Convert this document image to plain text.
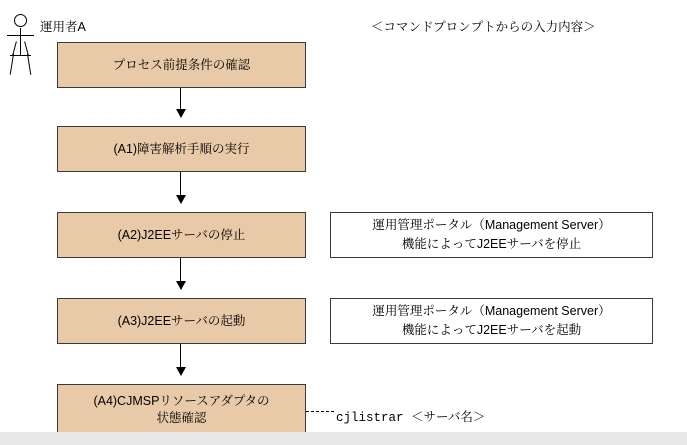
運用者A	＜コマンドプロンプトからの入力内容＞
プロセス前提条件の確認
(A1)障害解析手順の実行
(A2)J2EEサーバの停止
(A3)J2EEサーバの起動
(A4)CJMSPリソースアダプタの
状態確認
運用管理ポータル（Management Server）
機能によってJ2EEサーバを停止
運用管理ポータル（Management Server）
機能によってJ2EEサーバを起動
cjlistrar ＜サーバ名＞
